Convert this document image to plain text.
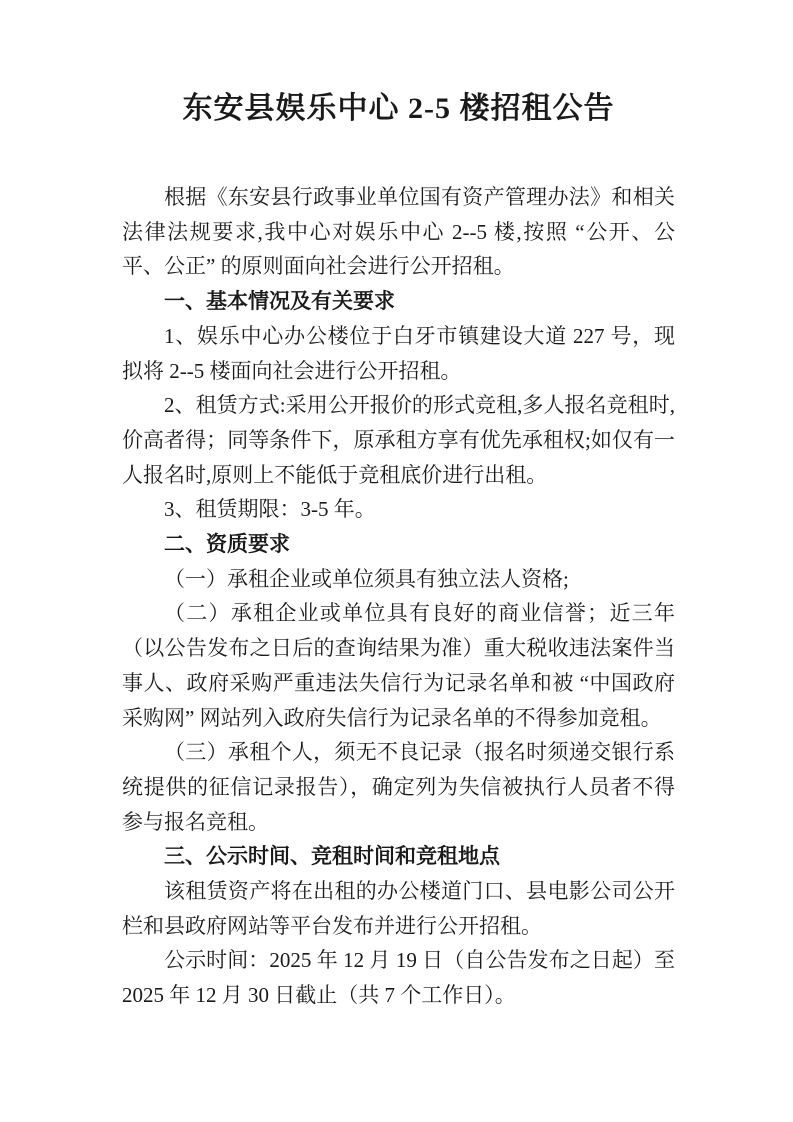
东安县娱乐中心 2-5 楼招租公告

根据《东安县行政事业单位国有资产管理办法》和相关法律法规要求,我中心对娱乐中心 2--5 楼,按照 “公开、公平、公正” 的原则面向社会进行公开招租。

一、基本情况及有关要求

1、娱乐中心办公楼位于白牙市镇建设大道 227 号，现拟将 2--5 楼面向社会进行公开招租。

2、租赁方式:采用公开报价的形式竞租,多人报名竞租时,价高者得；同等条件下，原承租方享有优先承租权;如仅有一人报名时,原则上不能低于竞租底价进行出租。

3、租赁期限：3-5 年。

二、资质要求

（一）承租企业或单位须具有独立法人资格;

（二）承租企业或单位具有良好的商业信誉；近三年（以公告发布之日后的查询结果为准）重大税收违法案件当事人、政府采购严重违法失信行为记录名单和被 “中国政府采购网” 网站列入政府失信行为记录名单的不得参加竞租。

（三）承租个人，须无不良记录（报名时须递交银行系统提供的征信记录报告），确定列为失信被执行人员者不得参与报名竞租。

三、公示时间、竞租时间和竞租地点

该租赁资产将在出租的办公楼道门口、县电影公司公开栏和县政府网站等平台发布并进行公开招租。

公示时间：2025 年 12 月 19 日（自公告发布之日起）至 2025 年 12 月 30 日截止（共 7 个工作日）。
